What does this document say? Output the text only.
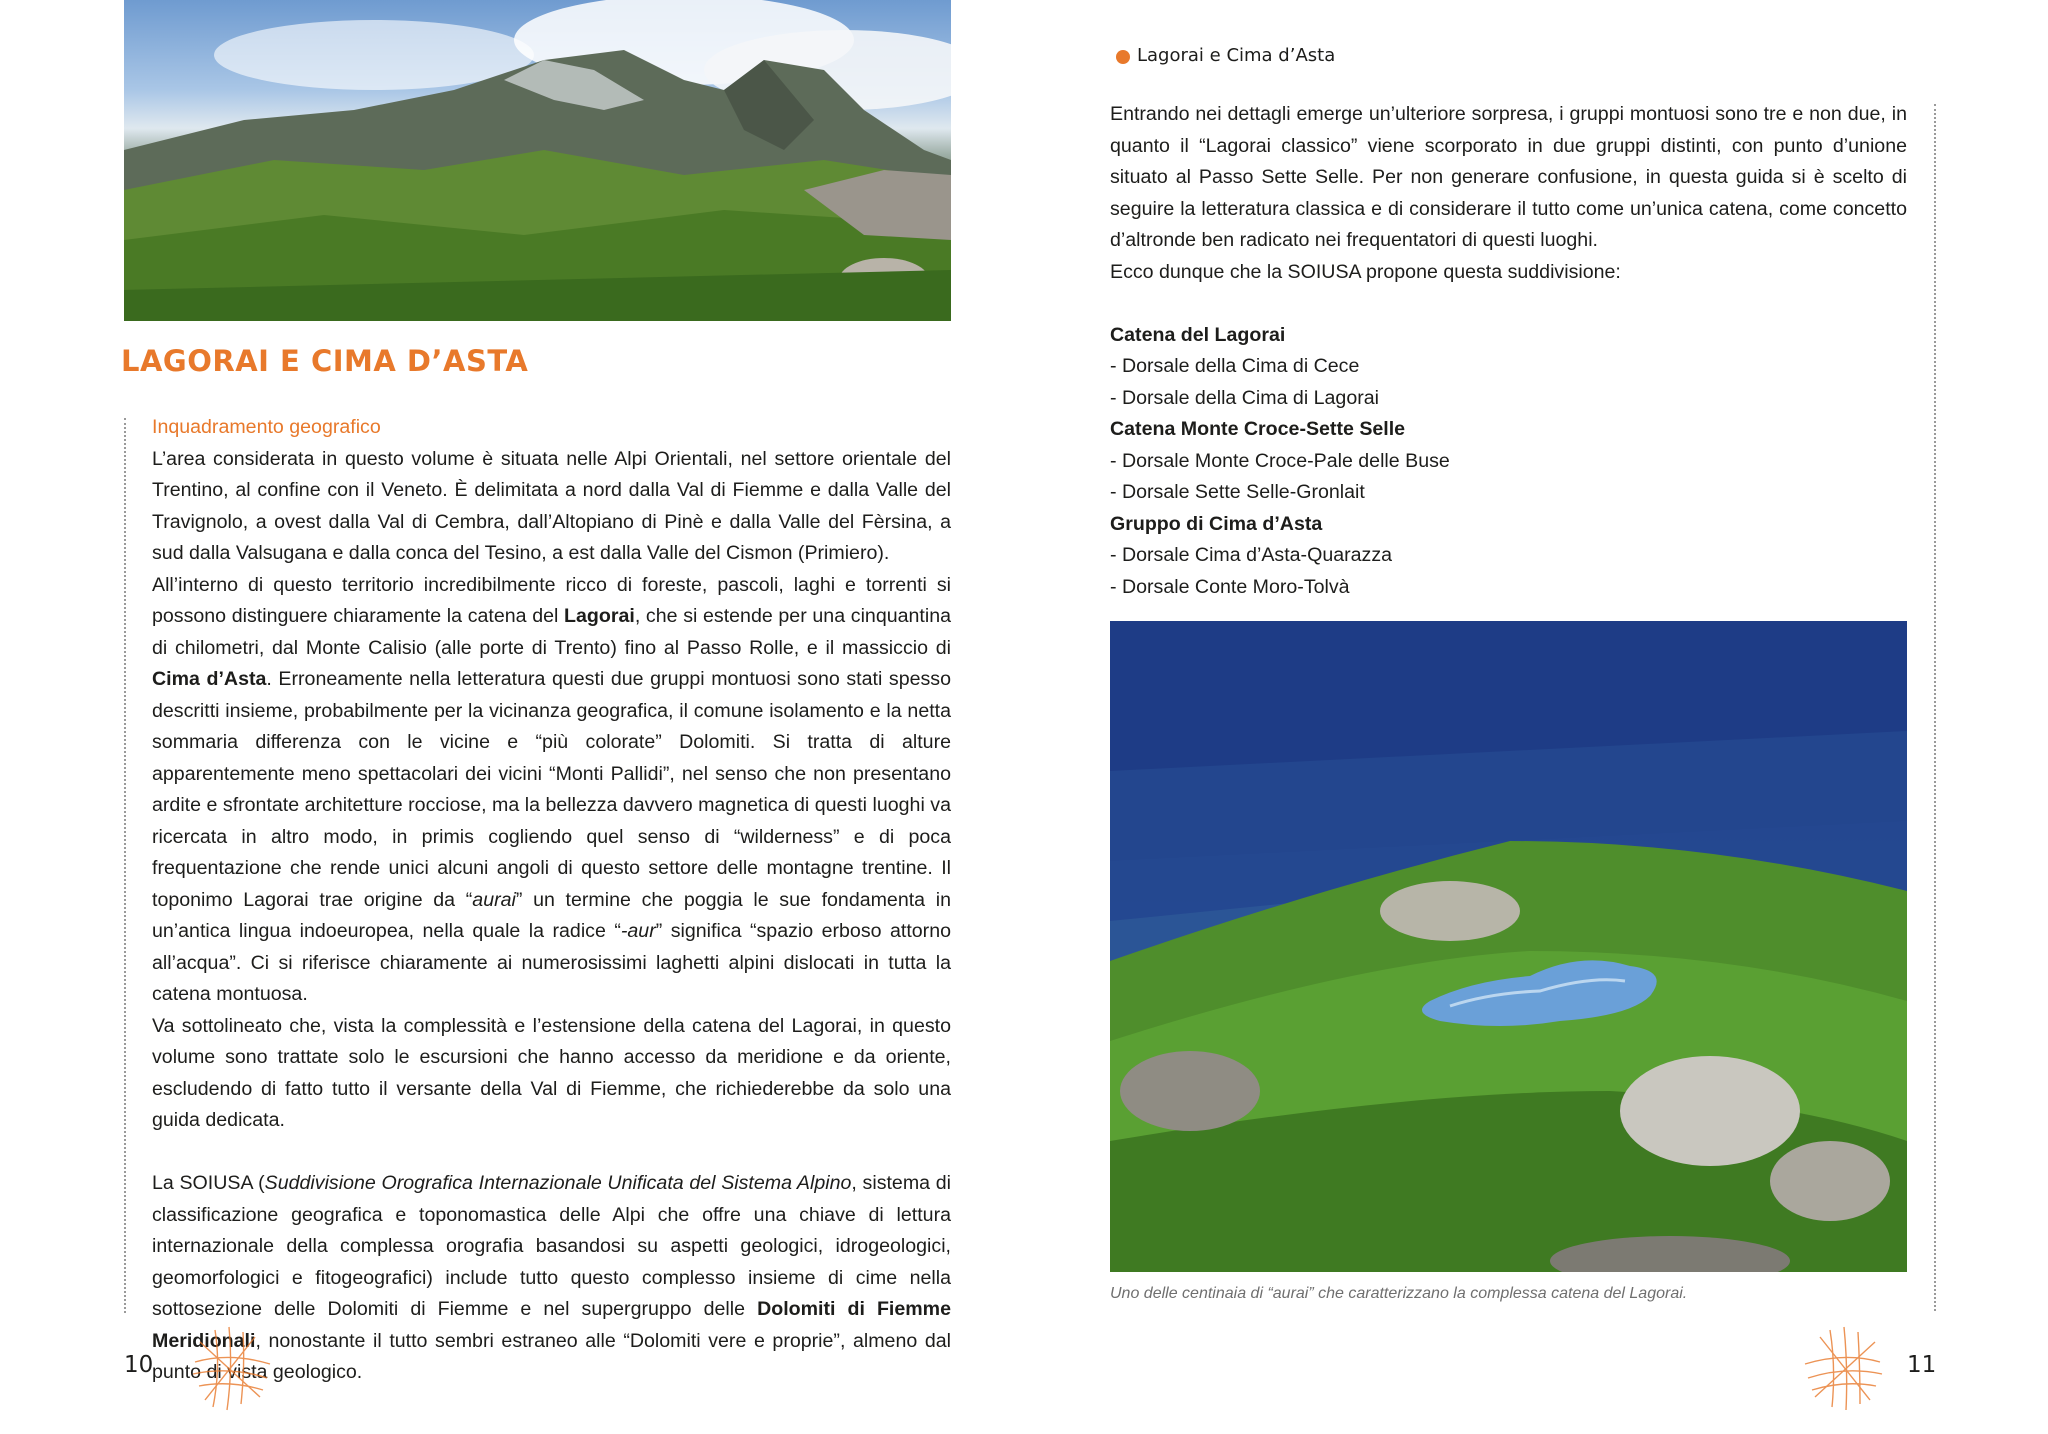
LAGORAI E CIMA D’ASTA

Inquadramento geografico

L’area considerata in questo volume è situata nelle Alpi Orientali, nel settore orientale del Trentino, al confine con il Veneto. È delimitata a nord dalla Val di Fiemme e dalla Valle del Travignolo, a ovest dalla Val di Cembra, dall’Altopiano di Pinè e dalla Valle del Fèrsina, a sud dalla Valsugana e dalla conca del Tesino, a est dalla Valle del Cismon (Primiero).

All’interno di questo territorio incredibilmente ricco di foreste, pascoli, laghi e torrenti si possono distinguere chiaramente la catena del Lagorai, che si estende per una cinquantina di chilometri, dal Monte Calisio (alle porte di Trento) fino al Passo Rolle, e il massiccio di Cima d’Asta. Erroneamente nella letteratura questi due gruppi montuosi sono stati spesso descritti insieme, probabilmente per la vicinanza geografica, il comune isolamento e la netta sommaria differenza con le vicine e “più colorate” Dolomiti. Si tratta di alture apparentemente meno spettacolari dei vicini “Monti Pallidi”, nel senso che non presentano ardite e sfrontate architetture rocciose, ma la bellezza davvero magnetica di questi luoghi va ricercata in altro modo, in primis cogliendo quel senso di “wilderness” e di poca frequentazione che rende unici alcuni angoli di questo settore delle montagne trentine. Il toponimo Lagorai trae origine da “aurai” un termine che poggia le sue fondamenta in un’antica lingua indoeuropea, nella quale la radice “-aur” significa “spazio erboso attorno all’acqua”. Ci si riferisce chiaramente ai numerosissimi laghetti alpini dislocati in tutta la catena montuosa.

Va sottolineato che, vista la complessità e l’estensione della catena del Lagorai, in questo volume sono trattate solo le escursioni che hanno accesso da meridione e da oriente, escludendo di fatto tutto il versante della Val di Fiemme, che richiederebbe da solo una guida dedicata.

La SOIUSA (Suddivisione Orografica Internazionale Unificata del Sistema Alpino, sistema di classificazione geografica e toponomastica delle Alpi che offre una chiave di lettura internazionale della complessa orografia basandosi su aspetti geologici, idrogeologici, geomorfologici e fitogeografici) include tutto questo complesso insieme di cime nella sottosezione delle Dolomiti di Fiemme e nel supergruppo delle Dolomiti di Fiemme Meridionali, nonostante il tutto sembri estraneo alle “Dolomiti vere e proprie”, almeno dal punto di vista geologico.

10
Lagorai e Cima d’Asta

Entrando nei dettagli emerge un’ulteriore sorpresa, i gruppi montuosi sono tre e non due, in quanto il “Lagorai classico” viene scorporato in due gruppi distinti, con punto d’unione situato al Passo Sette Selle. Per non generare confusione, in questa guida si è scelto di seguire la letteratura classica e di considerare il tutto come un’unica catena, come concetto d’altronde ben radicato nei frequentatori di questi luoghi.

Ecco dunque che la SOIUSA propone questa suddivisione:

Catena del Lagorai

- Dorsale della Cima di Cece

- Dorsale della Cima di Lagorai

Catena Monte Croce-Sette Selle

- Dorsale Monte Croce-Pale delle Buse

- Dorsale Sette Selle-Gronlait

Gruppo di Cima d’Asta

- Dorsale Cima d’Asta-Quarazza

- Dorsale Conte Moro-Tolvà

Uno delle centinaia di “aurai” che caratterizzano la complessa catena del Lagorai.
11
